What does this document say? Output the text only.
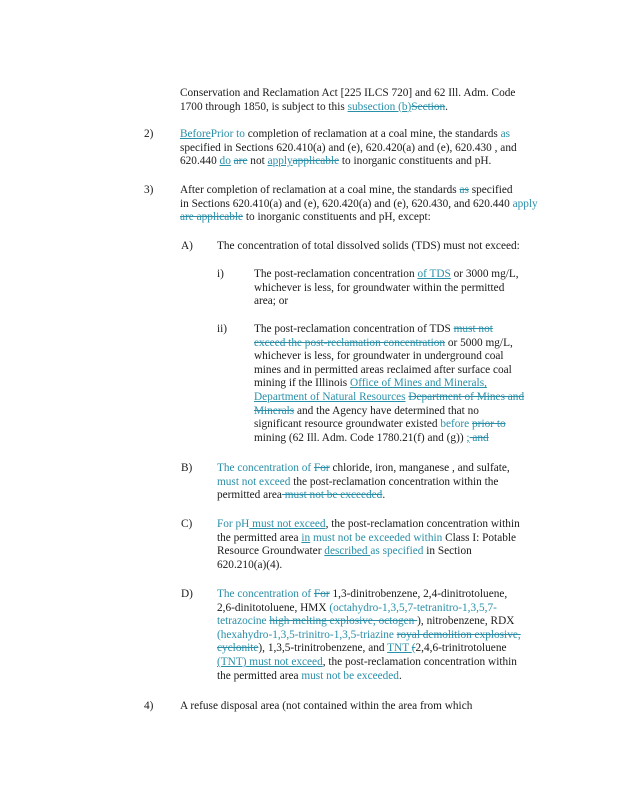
Conservation and Reclamation Act [225 ILCS 720] and 62 Ill. Adm. Code

1700 through 1850, is subject to this subsection (b)Section.

2) BeforePrior to completion of reclamation at a coal mine, the standards as

specified in Sections 620.410(a) and (e), 620.420(a) and (e), 620.430 , and

620.440 do are not applyapplicable to inorganic constituents and pH.

3) After completion of reclamation at a coal mine, the standards as specified

in Sections 620.410(a) and (e), 620.420(a) and (e), 620.430, and 620.440 apply

are applicable to inorganic constituents and pH, except:

A) The concentration of total dissolved solids (TDS) must not exceed:

i)	The post-reclamation concentration of TDS or 3000 mg/L,

whichever is less, for groundwater within the permitted

area; or

ii) The post-reclamation concentration of TDS must not

exceed the post-reclamation concentration or 5000 mg/L,

whichever is less, for groundwater in underground coal

mines and in permitted areas reclaimed after surface coal

mining if the Illinois Office of Mines and Minerals,

Department of Natural Resources Department of Mines and

Minerals and the Agency have determined that no

significant resource groundwater existed before prior to

mining (62 Ill. Adm. Code 1780.21(f) and (g)) ; and

B) The concentration of For chloride, iron, manganese , and sulfate,

must not exceed the post-reclamation concentration within the

permitted area must not be exceeded.

C) For pH must not exceed, the post-reclamation concentration within

the permitted area in must not be exceeded within Class I: Potable

Resource Groundwater described as specified in Section

620.210(a)(4).

D) The concentration of For 1,3-dinitrobenzene, 2,4-dinitrotoluene,

2,6-dinitotoluene, HMX (octahydro-1,3,5,7-tetranitro-1,3,5,7-

tetrazocine high melting explosive, octogen ), nitrobenzene, RDX

(hexahydro-1,3,5-trinitro-1,3,5-triazine royal demolition explosive,

cyclonite), 1,3,5-trinitrobenzene, and TNT (2,4,6-trinitrotoluene

(TNT) must not exceed, the post-reclamation concentration within

the permitted area must not be exceeded.

4) A refuse disposal area (not contained within the area from which
